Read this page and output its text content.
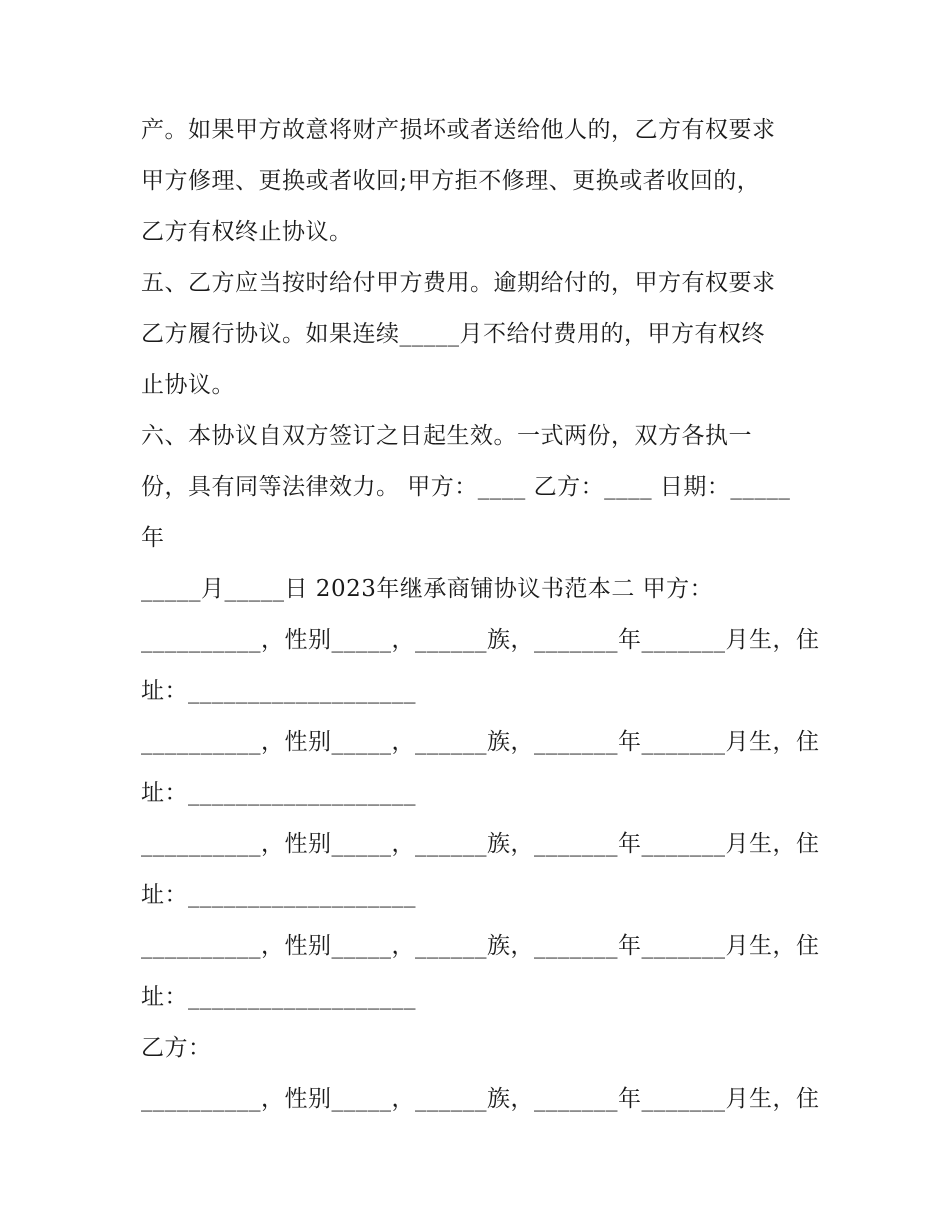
产。如果甲方故意将财产损坏或者送给他人的，乙方有权要求
甲方修理、更换或者收回;甲方拒不修理、更换或者收回的，
乙方有权终止协议。
五、乙方应当按时给付甲方费用。逾期给付的，甲方有权要求
乙方履行协议。如果连续_____月不给付费用的，甲方有权终
止协议。
六、本协议自双方签订之日起生效。一式两份，双方各执一
份，具有同等法律效力。 甲方：____ 乙方：____ 日期：_____
年
_____月_____日 2023年继承商铺协议书范本二 甲方：
__________，性别_____，______族，_______年_______月生，住
址：___________________
__________，性别_____，______族，_______年_______月生，住
址：___________________
__________，性别_____，______族，_______年_______月生，住
址：___________________
__________，性别_____，______族，_______年_______月生，住
址：___________________
乙方：
__________，性别_____，______族，_______年_______月生，住
